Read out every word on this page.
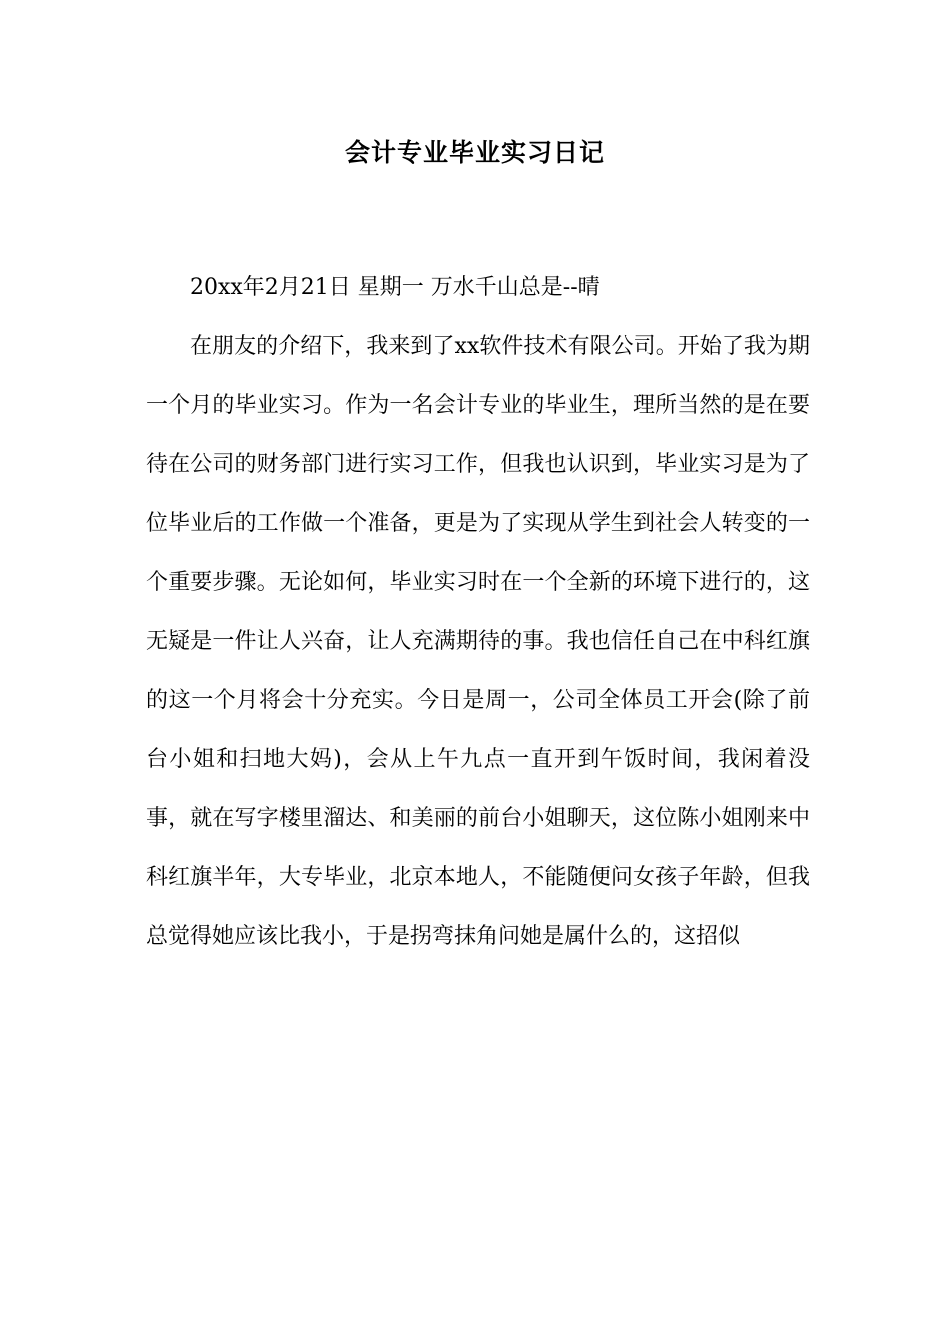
会计专业毕业实习日记

20xx年2月21日 星期一 万水千山总是--晴

在朋友的介绍下，我来到了xx软件技术有限公司。开始了我为期一个月的毕业实习。作为一名会计专业的毕业生，理所当然的是在要待在公司的财务部门进行实习工作，但我也认识到，毕业实习是为了位毕业后的工作做一个准备，更是为了实现从学生到社会人转变的一个重要步骤。无论如何，毕业实习时在一个全新的环境下进行的，这无疑是一件让人兴奋，让人充满期待的事。我也信任自己在中科红旗的这一个月将会十分充实。今日是周一，公司全体员工开会(除了前台小姐和扫地大妈)，会从上午九点一直开到午饭时间，我闲着没事，就在写字楼里溜达、和美丽的前台小姐聊天，这位陈小姐刚来中科红旗半年，大专毕业，北京本地人，不能随便问女孩子年龄，但我总觉得她应该比我小，于是拐弯抹角问她是属什么的，这招似
